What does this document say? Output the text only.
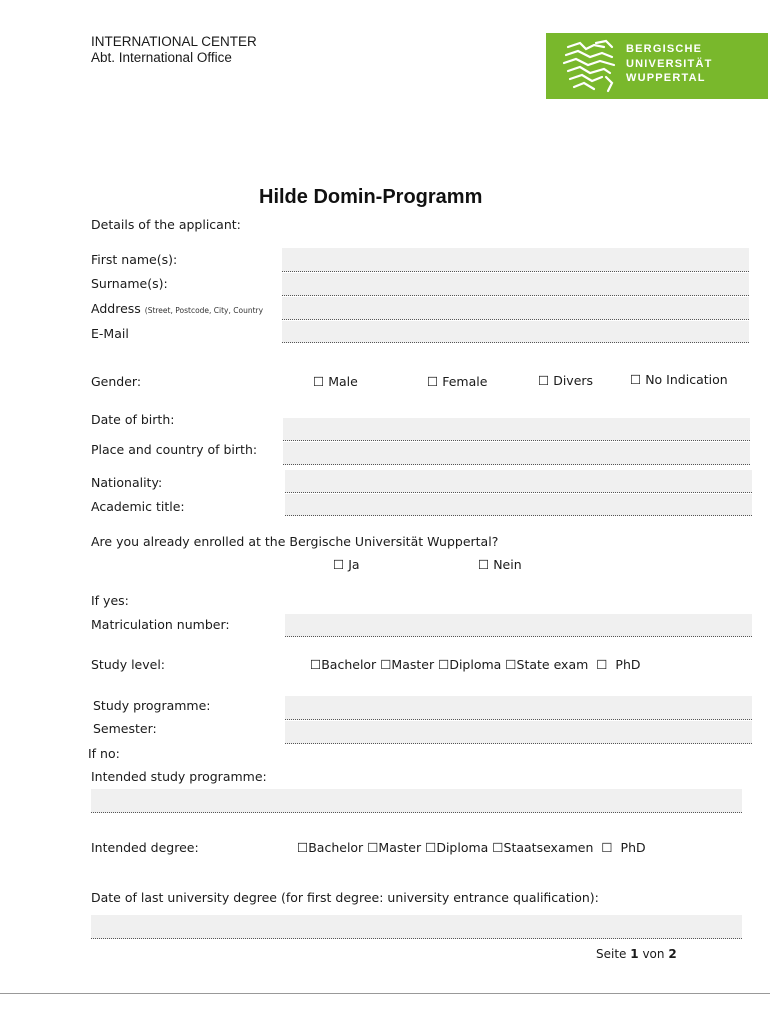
INTERNATIONAL CENTER
Abt. International Office
BERGISCHE
UNIVERSITÄT
WUPPERTAL
Hilde Domin-Programm
Details of the applicant:
First name(s):
Surname(s):
Address (Street, Postcode, City, Country
E-Mail
Gender:	☐ Male	☐ Female	☐ Divers	☐ No Indication
Date of birth:
Place and country of birth:
Nationality:
Academic title:
Are you already enrolled at the Bergische Universität Wuppertal?
☐ Ja	☐ Nein
If yes:
Matriculation number:
Study level:	☐Bachelor ☐Master ☐Diploma ☐State exam ☐ PhD
Study programme:
Semester:
If no:
Intended study programme:
Intended degree:	☐Bachelor ☐Master ☐Diploma ☐Staatsexamen ☐ PhD
Date of last university degree (for first degree: university entrance qualification):
Seite 1 von 2
